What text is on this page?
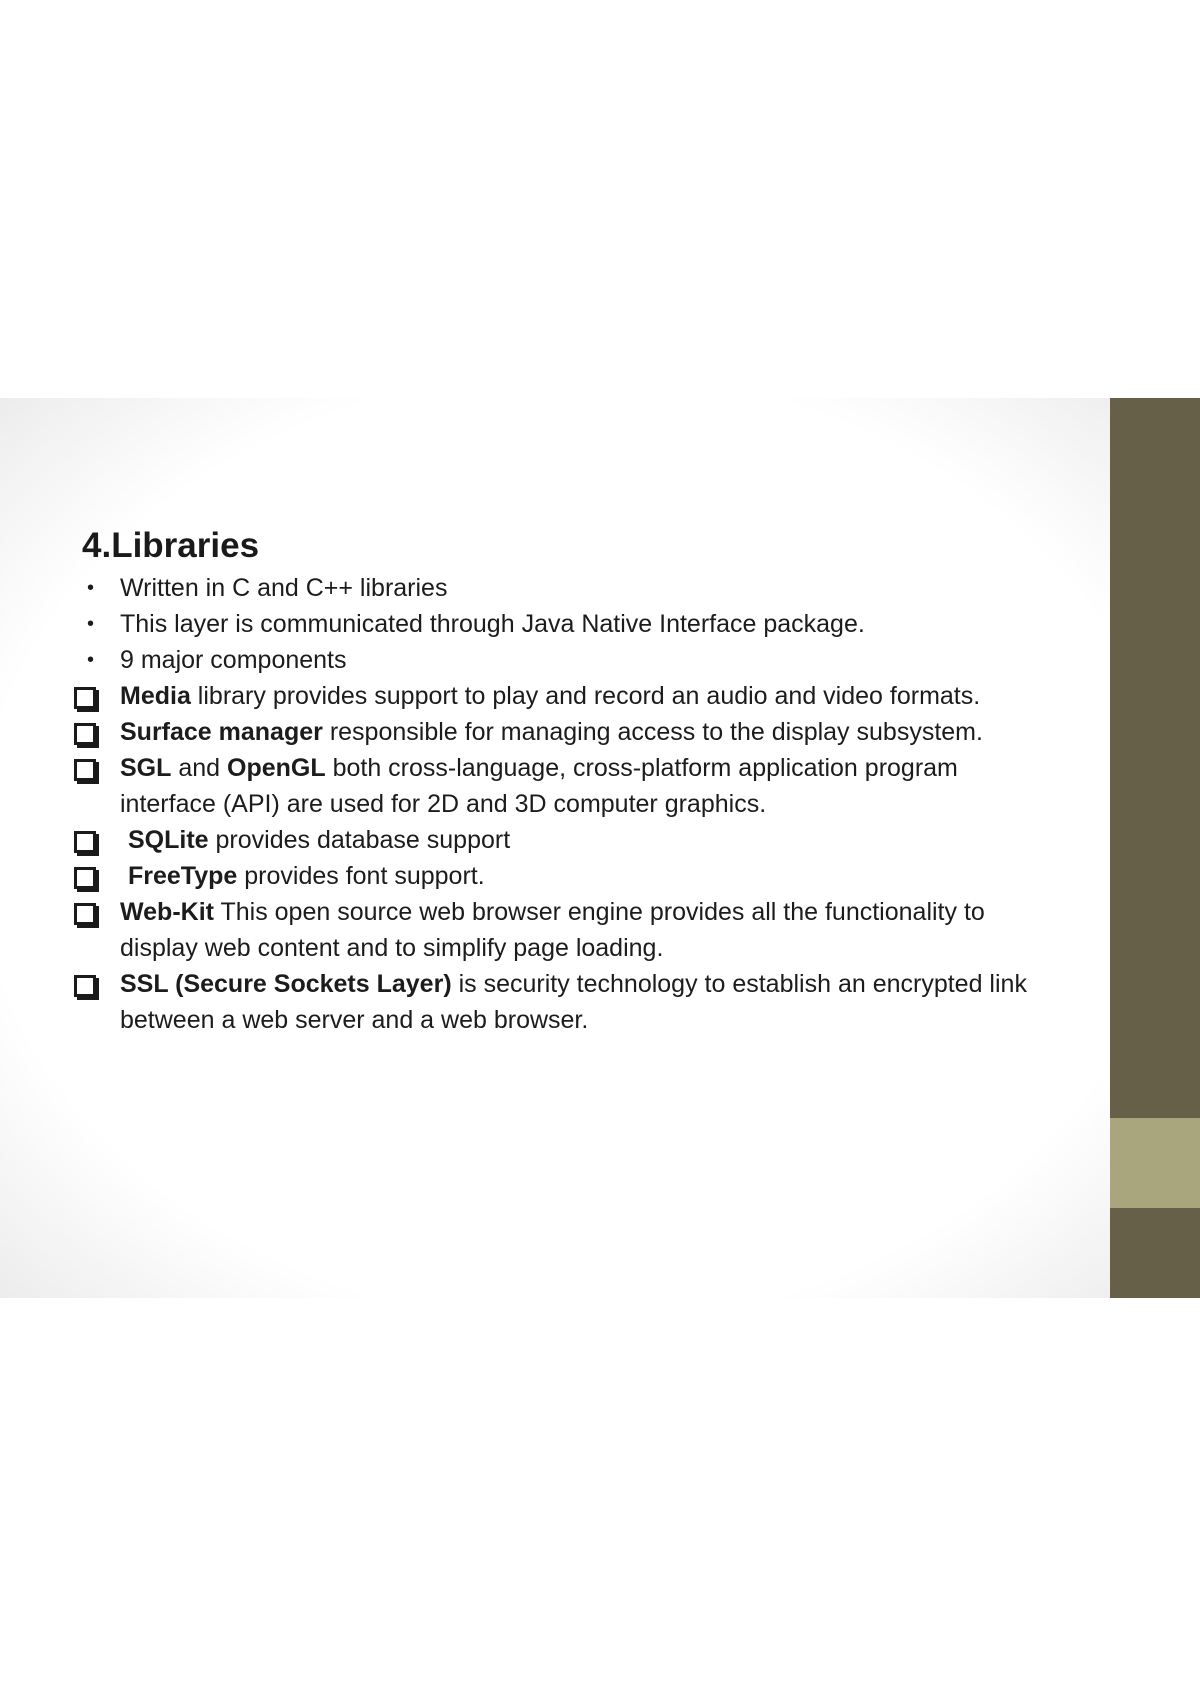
4.Libraries
• Written in C and C++ libraries
• This layer is communicated through Java Native Interface package.
• 9 major components
Media library provides support to play and record an audio and video formats.
Surface manager responsible for managing access to the display subsystem.
SGL and OpenGL both cross-language, cross-platform application program interface (API) are used for 2D and 3D computer graphics.
SQLite provides database support
FreeType provides font support.
Web-Kit This open source web browser engine provides all the functionality to display web content and to simplify page loading.
SSL (Secure Sockets Layer) is security technology to establish an encrypted link between a web server and a web browser.
